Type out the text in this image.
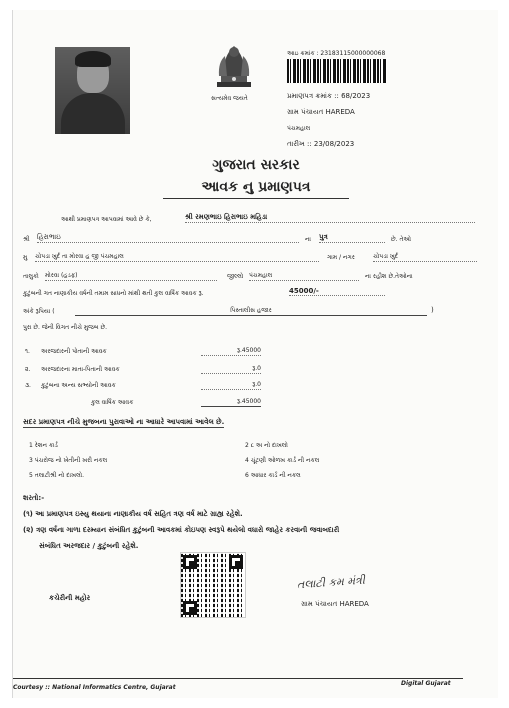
સત્યમેવ જયતે
આઇ ક્રમાંક : 23183115000000068
પ્રમાણપત્ર ક્રમાંક :: 68/2023
ગ્રામ પંચાયત HAREDA
પંચમહાલ
તારીખ :: 23/08/2023
ગુજરાત સરકાર
આવક નુ પ્રમાણપત્ર
આથી પ્રમાણપત્ર આપવામાં આવે છે કે,	શ્રી રમણભાઇ હિરાભાઇ મહિડા
શ્રી હિરાભાઇ	ના પુત્ર	છે. તેઓ
મુ ચોપડા ખુર્દ તા મોરવા હ જી પંચમહાલ	ગામ / નગર	ચોપડા ખુર્દ
તાલુકો મોરવા (હડફ)	જીલ્લો પંચમહાલ	ના રહીશ છે.તેઓના
કુટુંબની ગત નાણાકીય વર્ષની તમામ સાધનો માંથી થતી કુલ વાર્ષિક આવક રૂ.	45000/-
અંકે રૂપિયા (	પિસ્તાલીસ હજાર	)
પુરા છે. જેની વિગત નીચે મુજબ છે.
૧. અરજદારની પોતાની આવક	રૂ.45000
૨. અરજદારના માતા-પિતાની આવક	રૂ.0
૩. કુટુંબના અન્ય સભ્યોની આવક	રૂ.0
કુલ વાર્ષિક આવક	રૂ.45000
સદર પ્રમાણપત્ર નીચે મુજબના પુરાવાઓ ના આધારે આપવામાં આવેલ છે.
1 રેશન કાર્ડ
3 પંચરોજ નો ખેતીની ખરી નકલ
5 તલાટીશ્રી નો દાખલો.
2 ૮ અ નો દાખલો
4 ચૂંટણી ઓળખ કાર્ડ ની નકલ
6 આધાર કાર્ડ ની નકલ
શરતો:-
(૧) આ પ્રમાણપત્ર ઇસ્યુ થયાના નાણાકીય વર્ષ સહિત ત્રણ વર્ષ માટે ગ્રાહ્ય રહેશે.
(૨) ત્રણ વર્ષના ગાળા દરમ્યાન સંબંધિત કુટુંબની આવકમાં કોઇપણ સ્વરૂપે થયેલો વધારો જાહેર કરવાની જવાબદારી
સંબંધિત અરજદાર / કુટુંબની રહેશે.
કચેરીની મહોર
તલાટી કમ મંત્રી
ગ્રામ પંચાયત HAREDA
Courtesy :: National Informatics Centre, Gujarat
Digital Gujarat
